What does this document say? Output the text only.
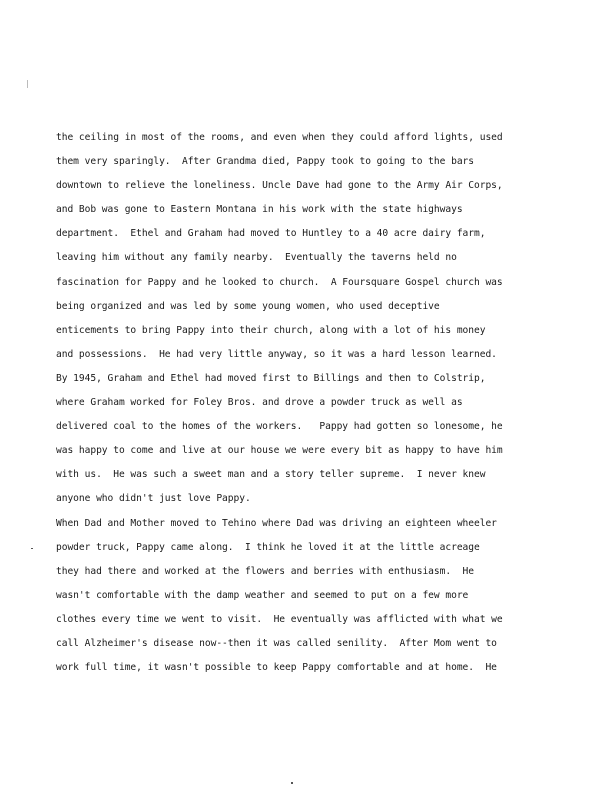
the ceiling in most of the rooms, and even when they could afford lights, used
them very sparingly.  After Grandma died, Pappy took to going to the bars
downtown to relieve the loneliness. Uncle Dave had gone to the Army Air Corps,
and Bob was gone to Eastern Montana in his work with the state highways
department.  Ethel and Graham had moved to Huntley to a 40 acre dairy farm,
leaving him without any family nearby.  Eventually the taverns held no
fascination for Pappy and he looked to church.  A Foursquare Gospel church was
being organized and was led by some young women, who used deceptive
enticements to bring Pappy into their church, along with a lot of his money
and possessions.  He had very little anyway, so it was a hard lesson learned.
By 1945, Graham and Ethel had moved first to Billings and then to Colstrip,
where Graham worked for Foley Bros. and drove a powder truck as well as
delivered coal to the homes of the workers.   Pappy had gotten so lonesome, he
was happy to come and live at our house we were every bit as happy to have him
with us.  He was such a sweet man and a story teller supreme.  I never knew
anyone who didn't just love Pappy.
When Dad and Mother moved to Tehino where Dad was driving an eighteen wheeler
powder truck, Pappy came along.  I think he loved it at the little acreage
they had there and worked at the flowers and berries with enthusiasm.  He
wasn't comfortable with the damp weather and seemed to put on a few more
clothes every time we went to visit.  He eventually was afflicted with what we
call Alzheimer's disease now--then it was called senility.  After Mom went to
work full time, it wasn't possible to keep Pappy comfortable and at home.  He
